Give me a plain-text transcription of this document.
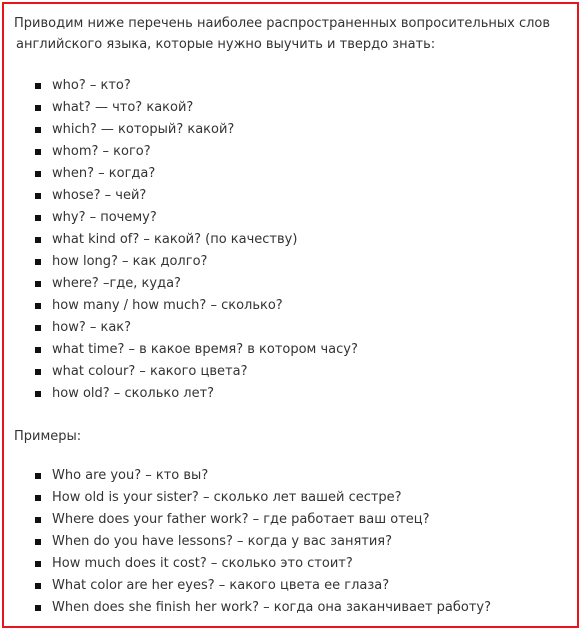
Приводим ниже перечень наиболее распространенных вопросительных слов
английского языка, которые нужно выучить и твердо знать:

who? – кто?
what? — что? какой?
which? — который? какой?
whom? – кого?
when? – когда?
whose? – чей?
why? – почему?
what kind of? – какой? (по качеству)
how long? – как долго?
where? –где, куда?
how many / how much? – сколько?
how? – как?
what time? – в какое время? в котором часу?
what colour? – какого цвета?
how old? – сколько лет?
Примеры:
Who are you? – кто вы?
How old is your sister? – сколько лет вашей сестре?
Where does your father work? – где работает ваш отец?
When do you have lessons? – когда у вас занятия?
How much does it cost? – сколько это стоит?
What color are her eyes? – какого цвета ее глаза?
When does she finish her work? – когда она заканчивает работу?
